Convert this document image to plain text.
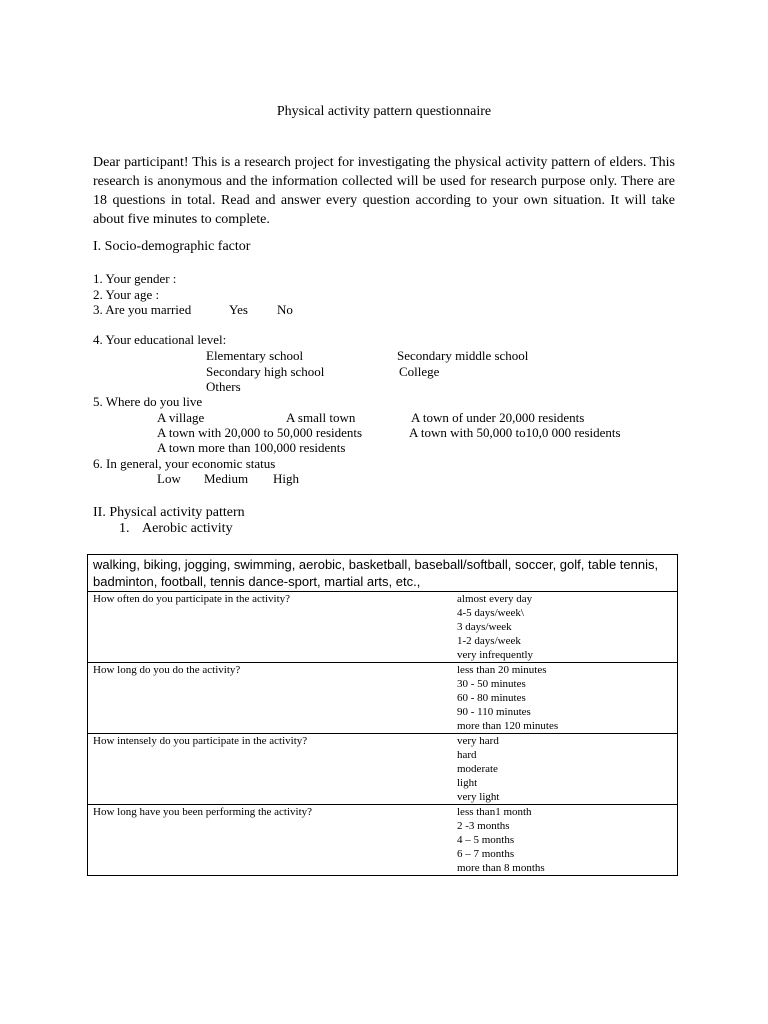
Physical activity pattern questionnaire

Dear participant! This is a research project for investigating the physical activity pattern of elders. This research is anonymous and the information collected will be used for research purpose only. There are 18 questions in total. Read and answer every question according to your own situation. It will take about five minutes to complete.

I. Socio-demographic factor
1. Your gender :
2. Your age :
3. Are you married	Yes No
4. Your educational level:
Elementary school	Secondary middle school
Secondary high school	College
Others
5. Where do you live
A village	A small town	A town of under 20,000 residents
A town with 20,000 to 50,000 residents	A town with 50,000 to10,0 000 residents
A town more than 100,000 residents
6. In general, your economic status
Low Medium High
II. Physical activity pattern
1. Aerobic activity
walking, biking, jogging, swimming, aerobic, basketball, baseball/softball, soccer, golf, table tennis, badminton, football, tennis dance-sport, martial arts, etc.,
How often do you participate in the activity?	almost every day
4-5 days/week\
3 days/week
1-2 days/week
very infrequently

How long do you do the activity?	less than 20 minutes
30 - 50 minutes
60 - 80 minutes
90 - 110 minutes
more than 120 minutes

How intensely do you participate in the activity?	very hard
hard
moderate
light
very light

How long have you been performing the activity?	less than1 month
2 -3 months
4 – 5 months
6 – 7 months
more than 8 months
